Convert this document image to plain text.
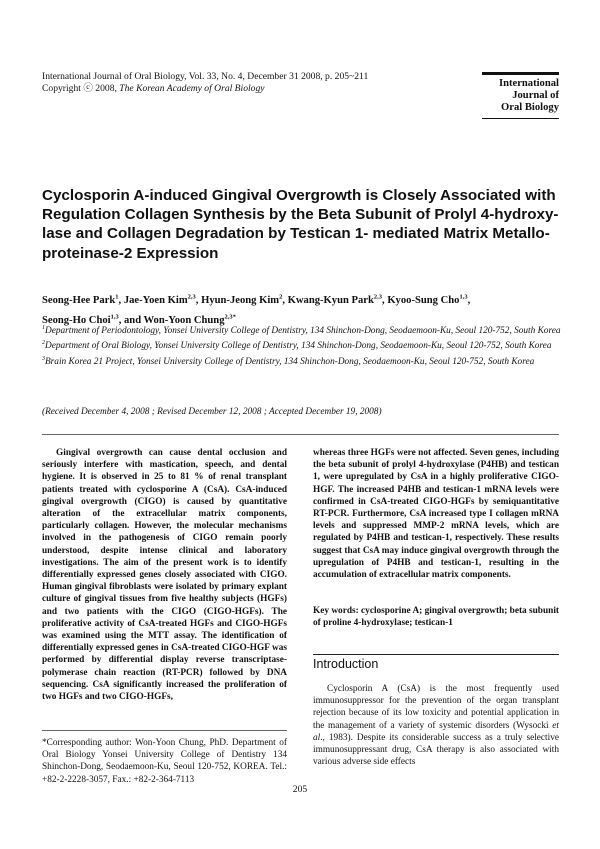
International Journal of Oral Biology, Vol. 33, No. 4, December 31 2008, p. 205~211
Copyright ⓒ 2008, The Korean Academy of Oral Biology	International
Journal of
Oral Biology
Cyclosporin A-induced Gingival Overgrowth is Closely Associated with Regulation Collagen Synthesis by the Beta Subunit of Prolyl 4-hydroxy-lase and Collagen Degradation by Testican 1- mediated Matrix Metallo-proteinase-2 Expression
Seong-Hee Park$^1$, Jae-Yoen Kim$^{2,3}$, Hyun-Jeong Kim$^2$, Kwang-Kyun Park$^{2,3}$, Kyoo-Sung Cho$^{1,3}$,
Seong-Ho Choi$^{1,3}$, and Won-Yoon Chung$^{2,3*}$
$^1$Department of Periodontology, Yonsei University College of Dentistry, 134 Shinchon-Dong, Seodaemoon-Ku, Seoul 120-752, South Korea
$^2$Department of Oral Biology, Yonsei University College of Dentistry, 134 Shinchon-Dong, Seodaemoon-Ku, Seoul 120-752, South Korea
$^3$Brain Korea 21 Project, Yonsei University College of Dentistry, 134 Shinchon-Dong, Seodaemoon-Ku, Seoul 120-752, South Korea
(Received December 4, 2008 ; Revised December 12, 2008 ; Accepted December 19, 2008)

Gingival overgrowth can cause dental occlusion and seriously interfere with mastication, speech, and dental hygiene. It is observed in 25 to 81 % of renal transplant patients treated with cyclosporine A (CsA). CsA-induced gingival overgrowth (CIGO) is caused by quantitative alteration of the extracellular matrix components, particularly collagen. However, the molecular mechanisms involved in the pathogenesis of CIGO remain poorly understood, despite intense clinical and laboratory investigations. The aim of the present work is to identify differentially expressed genes closely associated with CIGO. Human gingival fibroblasts were isolated by primary explant culture of gingival tissues from five healthy subjects (HGFs) and two patients with the CIGO (CIGO-HGFs). The proliferative activity of CsA-treated HGFs and CIGO-HGFs was examined using the MTT assay. The identification of differentially expressed genes in CsA-treated CIGO-HGF was performed by differential display reverse transcriptase-polymerase chain reaction (RT-PCR) followed by DNA sequencing. CsA significantly increased the proliferation of two HGFs and two CIGO-HGFs,

whereas three HGFs were not affected. Seven genes, including the beta subunit of prolyl 4-hydroxylase (P4HB) and testican 1, were upregulated by CsA in a highly proliferative CIGO-HGF. The increased P4HB and testican-1 mRNA levels were confirmed in CsA-treated CIGO-HGFs by semiquantitative RT-PCR. Furthermore, CsA increased type I collagen mRNA levels and suppressed MMP-2 mRNA levels, which are regulated by P4HB and testican-1, respectively. These results suggest that CsA may induce gingival overgrowth through the upregulation of P4HB and testican-1, resulting in the accumulation of extracellular matrix components.

Key words: cyclosporine A; gingival overgrowth; beta subunit of proline 4-hydroxylase; testican-1
Introduction

Cyclosporin A (CsA) is the most frequently used immunosuppressor for the prevention of the organ transplant rejection because of its low toxicity and potential application in the management of a variety of systemic disorders (Wysocki et al., 1983). Despite its considerable success as a truly selective immunosuppressant drug, CsA therapy is also associated with various adverse side effects

*Corresponding author: Won-Yoon Chung, PhD. Department of Oral Biology Yonsei University College of Dentistry 134 Shinchon-Dong, Seodaemoon-Ku, Seoul 120-752, KOREA. Tel.: +82-2-2228-3057, Fax.: +82-2-364-7113
205
